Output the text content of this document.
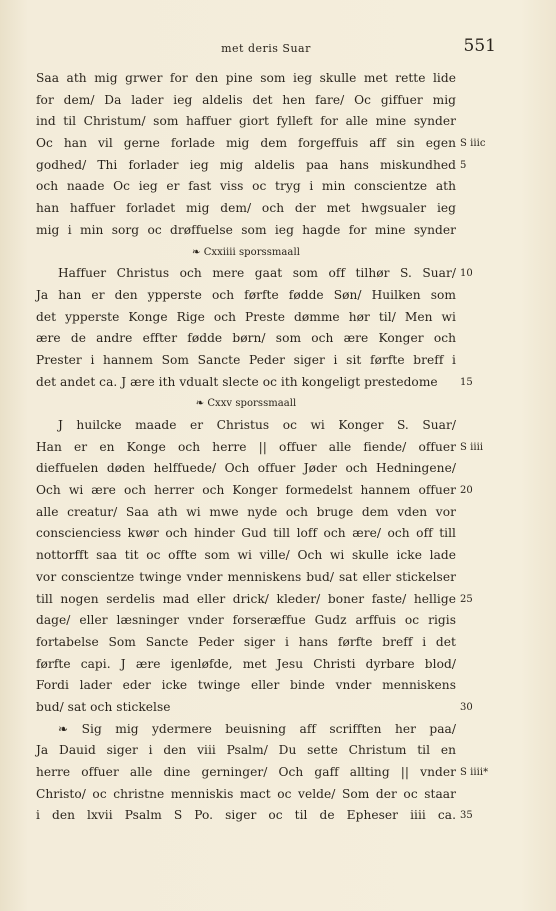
met deris Suar	551
Saa ath mig grwer for den pine som ieg skulle met rette lide
for dem/ Da lader ieg aldelis det hen fare/ Oc giffuer mig
ind til Christum/ som haffuer giort fylleft for alle mine synder
Oc han vil gerne forlade mig dem forgeffuis aff sin egen S iiic
godhed/ Thi forlader ieg mig aldelis paa hans miskundhed 5
och naade Oc ieg er fast viss oc tryg i min conscientze ath
han haffuer forladet mig dem/ och der met hwgsualer ieg
mig i min sorg oc drøffuelse som ieg hagde for mine synder
❧ Cxxiiii sporssmaall
Haffuer Christus och mere gaat som off tilhør S. Suar/ 10
Ja han er den ypperste och førfte fødde Søn/ Huilken som
det ypperste Konge Rige och Preste dømme hør til/ Men wi
ære de andre effter fødde børn/ som och ære Konger och
Prester i hannem Som Sancte Peder siger i sit førfte breff i
det andet ca. J ære ith vdualt slecte oc ith kongeligt prestedome 15
❧ Cxxv sporssmaall
J huilcke maade er Christus oc wi Konger S. Suar/
Han er en Konge och herre || offuer alle fiende/ offuer S iiii
dieffuelen døden helffuede/ Och offuer Jøder och Hedningene/
Och wi ære och herrer och Konger formedelst hannem offuer 20
alle creatur/ Saa ath wi mwe nyde och bruge dem vden vor
conscienciess kwør och hinder Gud till loff och ære/ och off till
nottorfft saa tit oc offte som wi ville/ Och wi skulle icke lade
vor conscientze twinge vnder menniskens bud/ sat eller stickelser
till nogen serdelis mad eller drick/ kleder/ boner faste/ hellige 25
dage/ eller læsninger vnder forseræffue Gudz arffuis oc rigis
fortabelse Som Sancte Peder siger i hans førfte breff i det
førfte capi. J ære igenløfde, met Jesu Christi dyrbare blod/
Fordi lader eder icke twinge eller binde vnder menniskens
bud/ sat och stickelse	30
❧ Sig mig ydermere beuisning aff scrifften her paa/
Ja Dauid siger i den viii Psalm/ Du sette Christum til en
herre offuer alle dine gerninger/ Och gaff allting || vnder S iiii*
Christo/ oc christne menniskis mact oc velde/ Som der oc staar
i den lxvii Psalm S Po. siger oc til de Epheser iiii ca. 35
